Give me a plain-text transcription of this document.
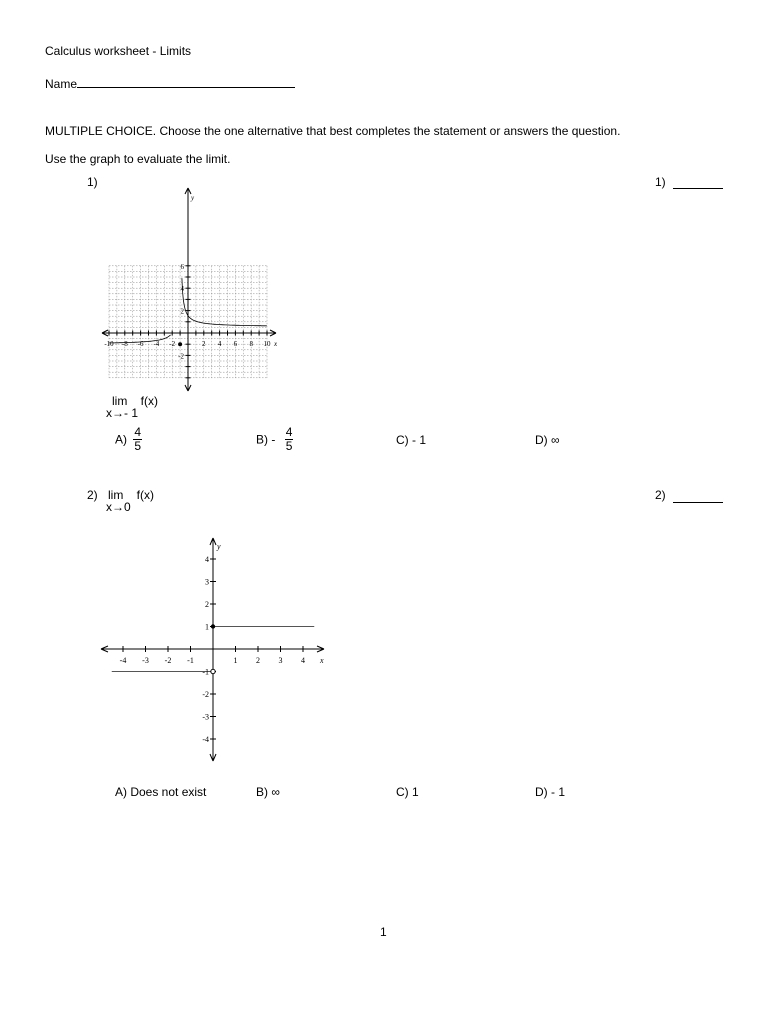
Calculus worksheet - Limits
Name
MULTIPLE CHOICE. Choose the one alternative that best completes the statement or answers the question.
Use the graph to evaluate the limit.
1)	1)
-10 -8 -6 -4 -2	2 4 6 8 10
6
4
2
-2
x
y
lim f(x)
x→- 1
$A) \frac{4}{5}$	$B) - \frac{4}{5}$	C) - 1	D) ∞
2) lim f(x)
x→0
2)
-4 -3 -2 -1	1 2 3 4
4
3
2
1
-1
-2
-3
-4
x
y
A) Does not exist	B) ∞	C) 1	D) - 1
1
